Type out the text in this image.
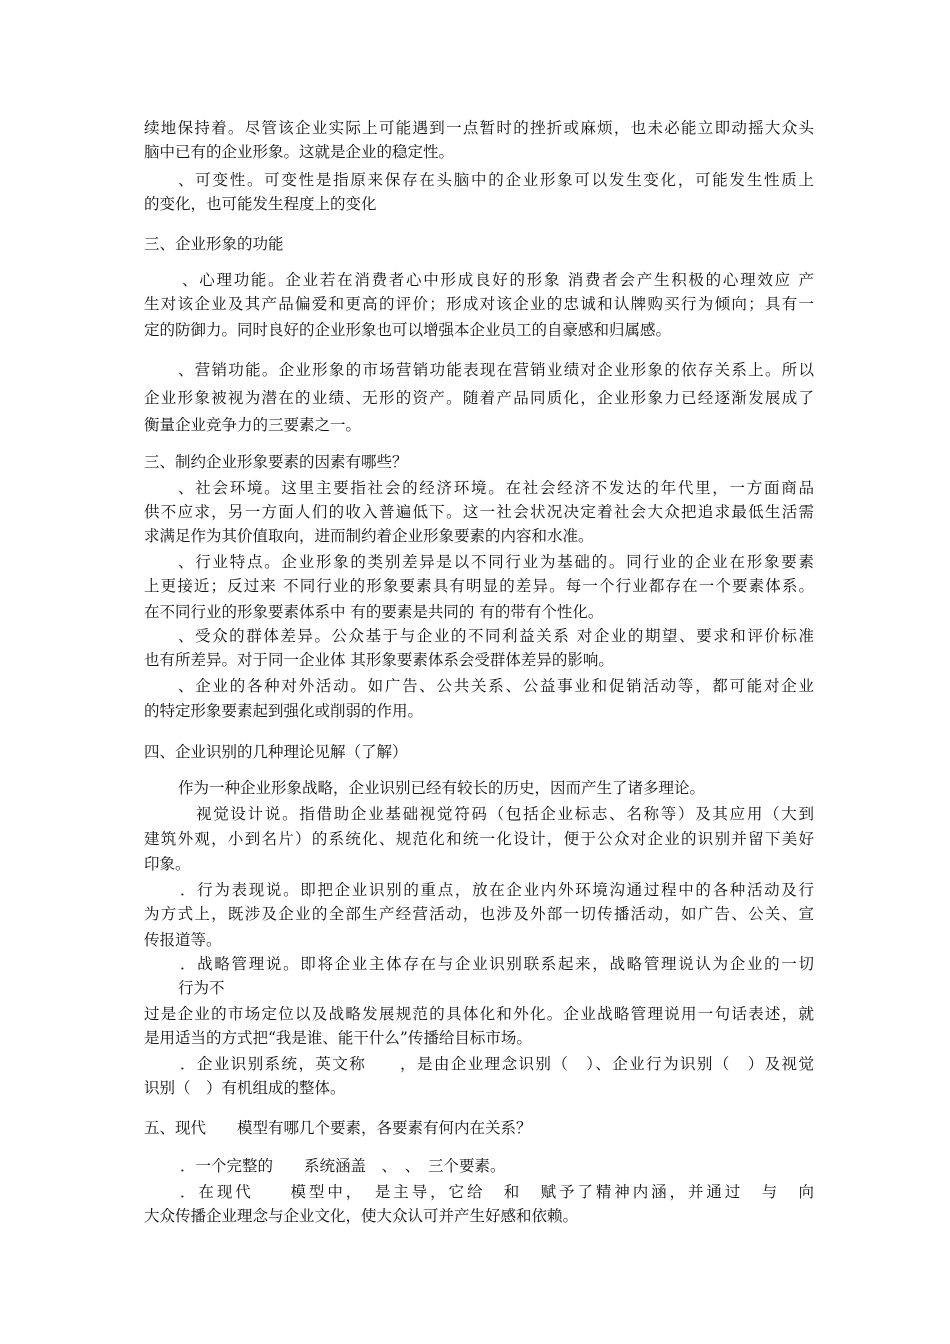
续地保持着。尽管该企业实际上可能遇到一点暂时的挫折或麻烦，也未必能立即动摇大众头
脑中已有的企业形象。这就是企业的稳定性。
、可变性。可变性是指原来保存在头脑中的企业形象可以发生变化，可能发生性质上
的变化，也可能发生程度上的变化
三、企业形象的功能
、心理功能。企业若在消费者心中形成良好的形象 消费者会产生积极的心理效应 产
生对该企业及其产品偏爱和更高的评价；形成对该企业的忠诚和认牌购买行为倾向；具有一
定的防御力。同时良好的企业形象也可以增强本企业员工的自豪感和归属感。
、营销功能。企业形象的市场营销功能表现在营销业绩对企业形象的依存关系上。所以
企业形象被视为潜在的业绩、无形的资产。随着产品同质化，企业形象力已经逐渐发展成了
衡量企业竞争力的三要素之一。
三、制约企业形象要素的因素有哪些？
、社会环境。这里主要指社会的经济环境。在社会经济不发达的年代里，一方面商品
供不应求，另一方面人们的收入普遍低下。这一社会状况决定着社会大众把追求最低生活需
求满足作为其价值取向，进而制约着企业形象要素的内容和水准。
、行业特点。企业形象的类别差异是以不同行业为基础的。同行业的企业在形象要素
上更接近；反过来 不同行业的形象要素具有明显的差异。每一个行业都存在一个要素体系。
在不同行业的形象要素体系中 有的要素是共同的 有的带有个性化。
、受众的群体差异。公众基于与企业的不同利益关系 对企业的期望、要求和评价标准
也有所差异。对于同一企业体 其形象要素体系会受群体差异的影响。
、企业的各种对外活动。如广告、公共关系、公益事业和促销活动等，都可能对企业
的特定形象要素起到强化或削弱的作用。
四、企业识别的几种理论见解（了解）
作为一种企业形象战略，企业识别已经有较长的历史，因而产生了诸多理论。
视觉设计说。指借助企业基础视觉符码（包括企业标志、名称等）及其应用（大到
建筑外观，小到名片）的系统化、规范化和统一化设计，便于公众对企业的识别并留下美好
印象。
．行为表现说。即把企业识别的重点，放在企业内外环境沟通过程中的各种活动及行
为方式上，既涉及企业的全部生产经营活动，也涉及外部一切传播活动，如广告、公关、宣
传报道等。
．战略管理说。即将企业主体存在与企业识别联系起来，战略管理说认为企业的一切
行为不
过是企业的市场定位以及战略发展规范的具体化和外化。企业战略管理说用一句话表述，就
是用适当的方式把“我是谁、能干什么”传播给目标市场。
．企业识别系统，英文称　　，是由企业理念识别（　）、企业行为识别（　）及视觉
识别（　）有机组成的整体。
五、现代　　模型有哪几个要素，各要素有何内在关系？
．一个完整的　　系统涵盖　、　、　三个要素。
．在现代　　模型中，　是主导，它给　和　赋予了精神内涵，并通过　与　向
大众传播企业理念与企业文化，使大众认可并产生好感和依赖。
